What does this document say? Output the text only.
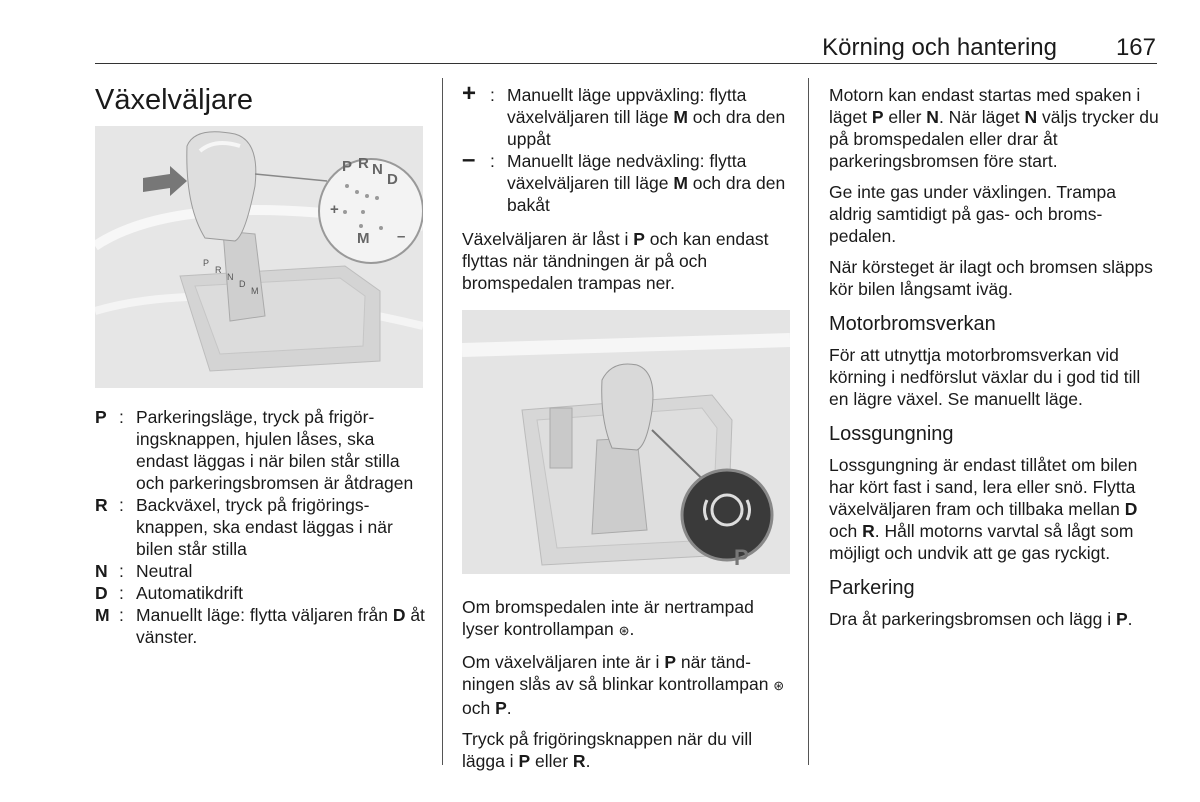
Körning och hantering 167
Växelväljare
P
R
N
D
M
P R N
D
M
+
–
P : Parkeringsläge, tryck på frigöringsknappen, hjulen låses, ska endast läggas i när bilen står stilla och parkeringsbromsen är åtdragen
R : Backväxel, tryck på frigöringsknappen, ska endast läggas i när bilen står stilla
N : Neutral
D : Automatikdrift
M : Manuellt läge: flytta väljaren från D åt vänster.
+ : Manuellt läge uppväxling: flytta växelväljaren till läge M och dra den uppåt
– : Manuellt läge nedväxling: flytta växelväljaren till läge M och dra den bakåt

Växelväljaren är låst i P och kan endast flyttas när tändningen är på och bromspedalen trampas ner.

P

Om bromspedalen inte är nertrampad lyser kontrollampan ⊛.

Om växelväljaren inte är i P när tändningen slås av så blinkar kontrollampan ⊛ och P.

Tryck på frigöringsknappen när du vill lägga i P eller R.

Motorn kan endast startas med spaken i läget P eller N. När läget N väljs trycker du på bromspedalen eller drar åt parkeringsbromsen före start.

Ge inte gas under växlingen. Trampa aldrig samtidigt på gas- och bromspedalen.

När körsteget är ilagt och bromsen släpps kör bilen långsamt iväg.

Motorbromsverkan

För att utnyttja motorbromsverkan vid körning i nedförslut växlar du i god tid till en lägre växel. Se manuellt läge.

Lossgungning

Lossgungning är endast tillåtet om bilen har kört fast i sand, lera eller snö. Flytta växelväljaren fram och tillbaka mellan D och R. Håll motorns varvtal så lågt som möjligt och undvik att ge gas ryckigt.

Parkering

Dra åt parkeringsbromsen och lägg i P.
